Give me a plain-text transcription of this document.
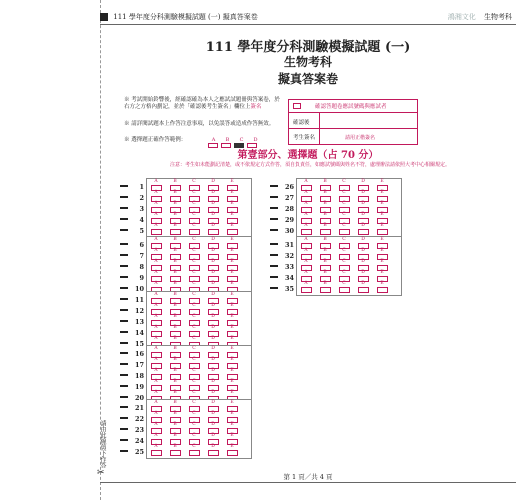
✂
請由此線剪下作答
111 學年度分科測驗模擬試題 (一) 擬真答案卷	鴻湘文化 生物考科
111 學年度分科測驗模擬試題 (一)
生物考科
擬真答案卷
※ 考試開始鈴響後，經確認確為本人之應試試題冊與答案卷，於右方之方格內劃記，並於「確認後考生簽名」欄位上簽名
※ 請詳閱試題本上作答注意事項，以免誤答或造成作答無效。
※ 選擇題正確作答範例：	A	B	C	D
確認答題卷應試號碼與應試者
確認後
考生簽名	請用正楷簽名
第壹部分、選擇題（占 70 分）
注意：考生如未能劃記清楚，或不依規定方式作答，須自負責任，如應試號碼與姓名不符，處理辦法請依照大考中心相關規定。
1
A	B	C	D	E
2
A	B	C	D	E
3
A	B	C	D	E
4
A	B	C	D	E
5
A	B	C	D	E
6
A	B	C	D	E
7
A	B	C	D	E
8
A	B	C	D	E
9
A	B	C	D	E
10
A	B	C	D	E
11
A	B	C	D	E
12
A	B	C	D	E
13
A	B	C	D	E
14
A	B	C	D	E
15
A	B	C	D	E
16
A	B	C	D	E
17
A	B	C	D	E
18
A	B	C	D	E
19
A	B	C	D	E
20
A	B	C	D	E
21
A	B	C	D	E
22
A	B	C	D	E
23
A	B	C	D	E
24
A	B	C	D	E
25
A	B	C	D	E
26
A	B	C	D	E
27
A	B	C	D	E
28
A	B	C	D	E
29
A	B	C	D	E
30
A	B	C	D	E
31
A	B	C	D	E
32
A	B	C	D	E
33
A	B	C	D	E
34
A	B	C	D	E
35
A	B	C	D	E
第 1 頁／共 4 頁
